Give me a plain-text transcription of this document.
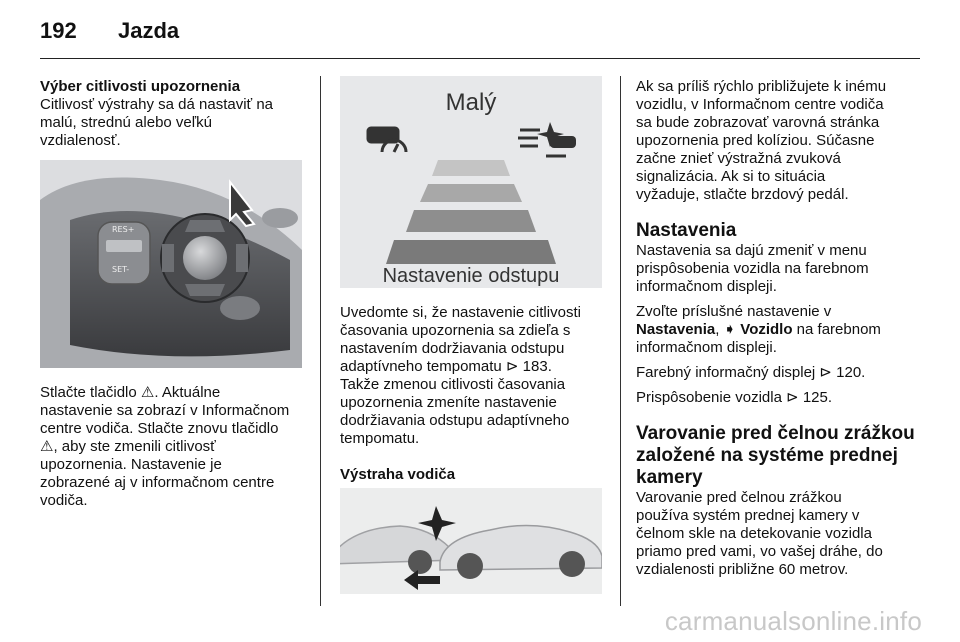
192 Jazda

Výber citlivosti upozornenia

Citlivosť výstrahy sa dá nastaviť na

malú, strednú alebo veľkú

vzdialenosť.

RES+
SET-

Stlačte tlačidlo ⚠. Aktuálne

nastavenie sa zobrazí v Informačnom

centre vodiča. Stlačte znovu tlačidlo

⚠, aby ste zmenili citlivosť

upozornenia. Nastavenie je

zobrazené aj v informačnom centre

vodiča.

Malý
Nastavenie odstupu

Uvedomte si, že nastavenie citlivosti

časovania upozornenia sa zdieľa s

nastavením dodržiavania odstupu

adaptívneho tempomatu ⊳ 183.

Takže zmenou citlivosti časovania

upozornenia zmeníte nastavenie

dodržiavania odstupu adaptívneho

tempomatu.

Výstraha vodiča

Ak sa príliš rýchlo približujete k inému

vozidlu, v Informačnom centre vodiča

sa bude zobrazovať varovná stránka

upozornenia pred kolíziou. Súčasne

začne znieť výstražná zvuková

signalizácia. Ak si to situácia

vyžaduje, stlačte brzdový pedál.

Nastavenia

Nastavenia sa dajú zmeniť v menu

prispôsobenia vozidla na farebnom

informačnom displeji.

Zvoľte príslušné nastavenie v

Nastavenia, ➧ Vozidlo na farebnom

informačnom displeji.

Farebný informačný displej ⊳ 120.

Prispôsobenie vozidla ⊳ 125.

Varovanie pred čelnou zrážkou

založené na systéme prednej

kamery

Varovanie pred čelnou zrážkou

používa systém prednej kamery v

čelnom skle na detekovanie vozidla

priamo pred vami, vo vašej dráhe, do

vzdialenosti približne 60 metrov.

carmanualsonline.info
